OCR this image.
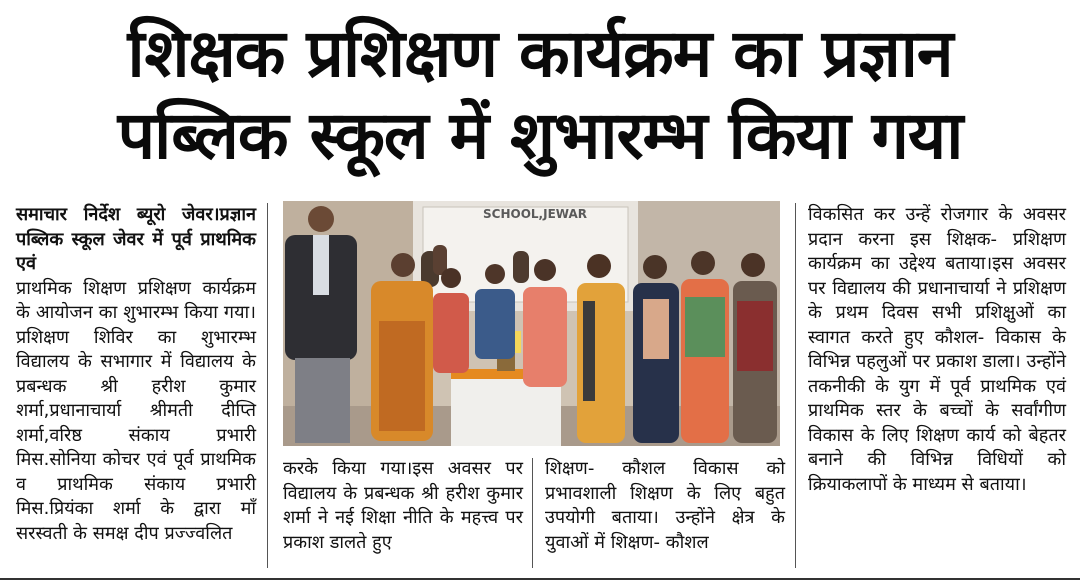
शिक्षक प्रशिक्षण कार्यक्रम का प्रज्ञान
पब्लिक स्कूल में शुभारम्भ किया गया

समाचार निर्देश ब्यूरो जेवर।प्रज्ञान पब्लिक स्कूल जेवर में पूर्व प्राथमिक एवं

प्राथमिक शिक्षण प्रशिक्षण कार्यक्रम के आयोजन का शुभारम्भ किया गया। प्रशिक्षण शिविर का शुभारम्भ विद्यालय के सभागार में विद्यालय के प्रबन्धक श्री हरीश कुमार शर्मा,प्रधानाचार्या श्रीमती दीप्ति शर्मा,वरिष्ठ संकाय प्रभारी मिस.सोनिया कोचर एवं पूर्व प्राथमिक व प्राथमिक संकाय प्रभारी मिस.प्रियंका शर्मा के द्वारा माँ सरस्वती के समक्ष दीप प्रज्ज्वलित

SCHOOL,JEWAR
करके किया गया।इस अवसर पर विद्यालय के प्रबन्धक श्री हरीश कुमार शर्मा ने नई शिक्षा नीति के महत्त्व पर प्रकाश डालते हुए
शिक्षण- कौशल विकास को प्रभावशाली शिक्षण के लिए बहुत उपयोगी बताया। उन्होंने क्षेत्र के युवाओं में शिक्षण- कौशल
विकसित कर उन्हें रोजगार के अवसर प्रदान करना इस शिक्षक- प्रशिक्षण कार्यक्रम का उद्देश्य बताया।इस अवसर पर विद्यालय की प्रधानाचार्या ने प्रशिक्षण के प्रथम दिवस सभी प्रशिक्षुओं का स्वागत करते हुए कौशल- विकास के विभिन्न पहलुओं पर प्रकाश डाला। उन्होंने तकनीकी के युग में पूर्व प्राथमिक एवं प्राथमिक स्तर के बच्चों के सर्वांगीण विकास के लिए शिक्षण कार्य को बेहतर बनाने की विभिन्न विधियों को क्रियाकलापों के माध्यम से बताया।
